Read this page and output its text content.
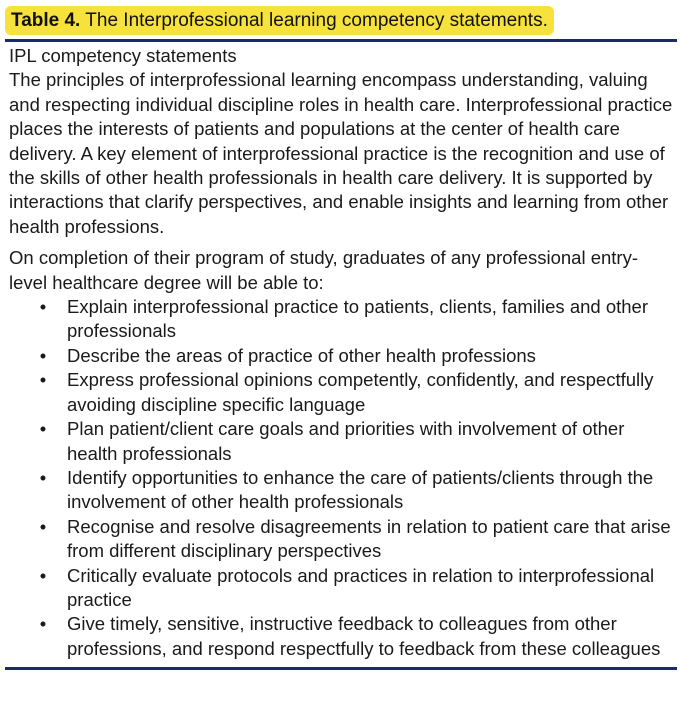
Table 4. The Interprofessional learning competency statements.
IPL competency statements

The principles of interprofessional learning encompass understanding, valuing and respecting individual discipline roles in health care. Interprofessional practice places the interests of patients and populations at the center of health care delivery. A key element of interprofessional practice is the recognition and use of the skills of other health professionals in health care delivery. It is supported by interactions that clarify perspectives, and enable insights and learning from other health professions.

On completion of their program of study, graduates of any professional entry-level healthcare degree will be able to:

•	Explain interprofessional practice to patients, clients, families and other professionals
•	Describe the areas of practice of other health professions
•	Express professional opinions competently, confidently, and respectfully avoiding discipline specific language
•	Plan patient/client care goals and priorities with involvement of other health professionals
•	Identify opportunities to enhance the care of patients/clients through the involvement of other health professionals
•	Recognise and resolve disagreements in relation to patient care that arise from different disciplinary perspectives
•	Critically evaluate protocols and practices in relation to interprofessional practice
•	Give timely, sensitive, instructive feedback to colleagues from other professions, and respond respectfully to feedback from these colleagues
